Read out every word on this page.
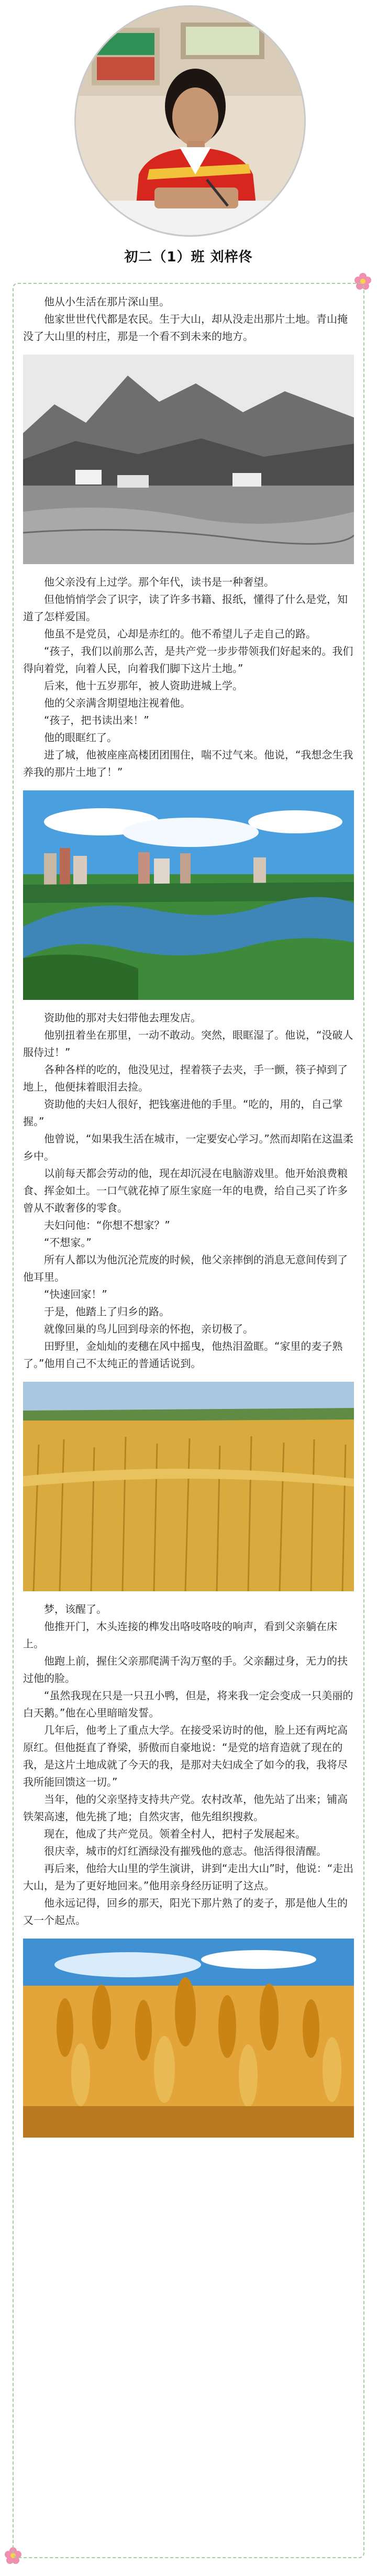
初二（1）班 刘梓佟

他从小生活在那片深山里。

他家世世代代都是农民。生于大山，却从没走出那片土地。青山掩没了大山里的村庄，那是一个看不到未来的地方。

他父亲没有上过学。那个年代，读书是一种奢望。

但他悄悄学会了识字，读了许多书籍、报纸，懂得了什么是党，知道了怎样爱国。

他虽不是党员，心却是赤红的。他不希望儿子走自己的路。

“孩子，我们以前那么苦，是共产党一步步带领我们好起来的。我们得向着党，向着人民，向着我们脚下这片土地。”

后来，他十五岁那年，被人资助进城上学。

他的父亲满含期望地注视着他。

“孩子，把书读出来！”

他的眼眶红了。

进了城，他被座座高楼团团围住，喘不过气来。他说，“我想念生我养我的那片土地了！”

资助他的那对夫妇带他去理发店。

他别扭着坐在那里，一动不敢动。突然，眼眶湿了。他说，“没破人服侍过！”

各种各样的吃的，他没见过，捏着筷子去夹，手一颤，筷子掉到了地上，他便抹着眼泪去捡。

资助他的夫妇人很好，把钱塞进他的手里。“吃的，用的，自己掌握。”

他曾说，“如果我生活在城市，一定要安心学习。”然而却陷在这温柔乡中。

以前每天都会劳动的他，现在却沉浸在电脑游戏里。他开始浪费粮食、挥金如土。一口气就花掉了原生家庭一年的电费，给自己买了许多曾从不敢奢侈的零食。

夫妇问他：“你想不想家？”

“不想家。”

所有人都以为他沉沦荒废的时候，他父亲摔倒的消息无意间传到了他耳里。

“快速回家！”

于是，他踏上了归乡的路。

就像回巢的鸟儿回到母亲的怀抱，亲切极了。

田野里，金灿灿的麦穗在风中摇曳，他热泪盈眶。“家里的麦子熟了。”他用自己不太纯正的普通话说到。

梦，该醒了。

他推开门，木头连接的榫发出咯吱咯吱的响声，看到父亲躺在床上。

他跑上前，握住父亲那爬满千沟万壑的手。父亲翻过身，无力的扶过他的脸。

“虽然我现在只是一只丑小鸭，但是，将来我一定会变成一只美丽的白天鹅。”他在心里暗暗发誓。

几年后，他考上了重点大学。在接受采访时的他，脸上还有两坨高原红。但他挺直了脊梁，骄傲而自豪地说：“是党的培育造就了现在的我，是这片土地成就了今天的我，是那对夫妇成全了如今的我，我将尽我所能回馈这一切。”

当年，他的父亲坚持支持共产党。农村改革，他先站了出来；铺高铁架高速，他先挑了地；自然灾害，他先组织搜救。

现在，他成了共产党员。领着全村人，把村子发展起来。

很庆幸，城市的灯红酒绿没有摧残他的意志。他活得很清醒。

再后来，他给大山里的学生演讲，讲到“走出大山”时，他说：“走出大山，是为了更好地回来。”他用亲身经历证明了这点。

他永远记得，回乡的那天，阳光下那片熟了的麦子，那是他人生的又一个起点。
